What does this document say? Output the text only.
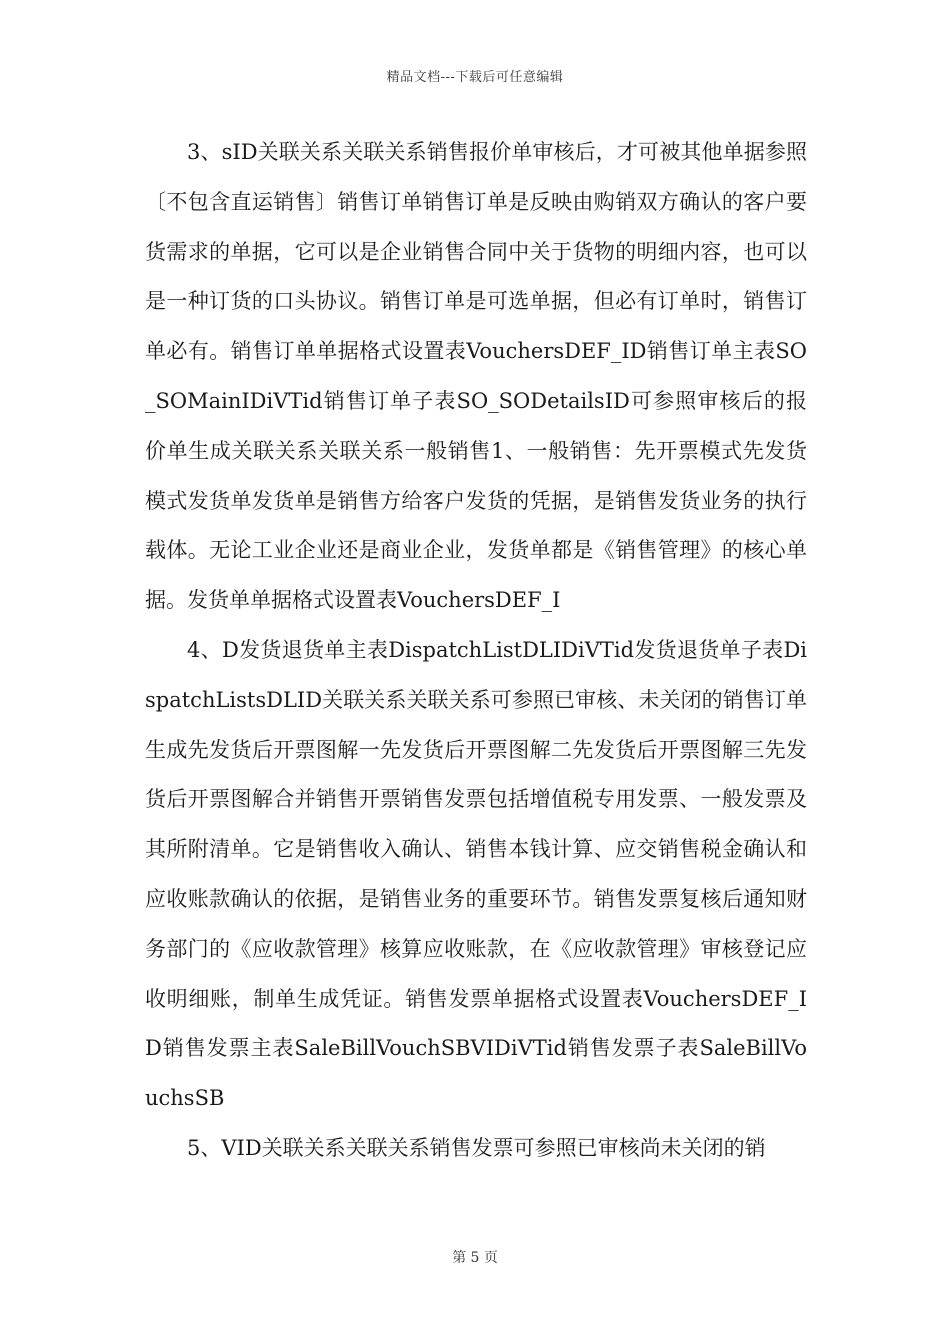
精品文档---下载后可任意编辑

3、sID关联关系关联关系销售报价单审核后，才可被其他单据参照〔不包含直运销售〕销售订单销售订单是反映由购销双方确认的客户要货需求的单据，它可以是企业销售合同中关于货物的明细内容，也可以是一种订货的口头协议。销售订单是可选单据，但必有订单时，销售订单必有。销售订单单据格式设置表VouchersDEF_ID销售订单主表SO_SOMainIDiVTid销售订单子表SO_SODetailsID可参照审核后的报价单生成关联关系关联关系一般销售1、一般销售：先开票模式先发货模式发货单发货单是销售方给客户发货的凭据，是销售发货业务的执行载体。无论工业企业还是商业企业，发货单都是《销售管理》的核心单据。发货单单据格式设置表VouchersDEF_I

4、D发货退货单主表DispatchListDLIDiVTid发货退货单子表DispatchListsDLID关联关系关联关系可参照已审核、未关闭的销售订单生成先发货后开票图解一先发货后开票图解二先发货后开票图解三先发货后开票图解合并销售开票销售发票包括增值税专用发票、一般发票及其所附清单。它是销售收入确认、销售本钱计算、应交销售税金确认和应收账款确认的依据，是销售业务的重要环节。销售发票复核后通知财务部门的《应收款管理》核算应收账款，在《应收款管理》审核登记应收明细账，制单生成凭证。销售发票单据格式设置表VouchersDEF_ID销售发票主表SaleBillVouchSBVIDiVTid销售发票子表SaleBillVouchsSB

5、VID关联关系关联关系销售发票可参照已审核尚未关闭的销

第 5 页
